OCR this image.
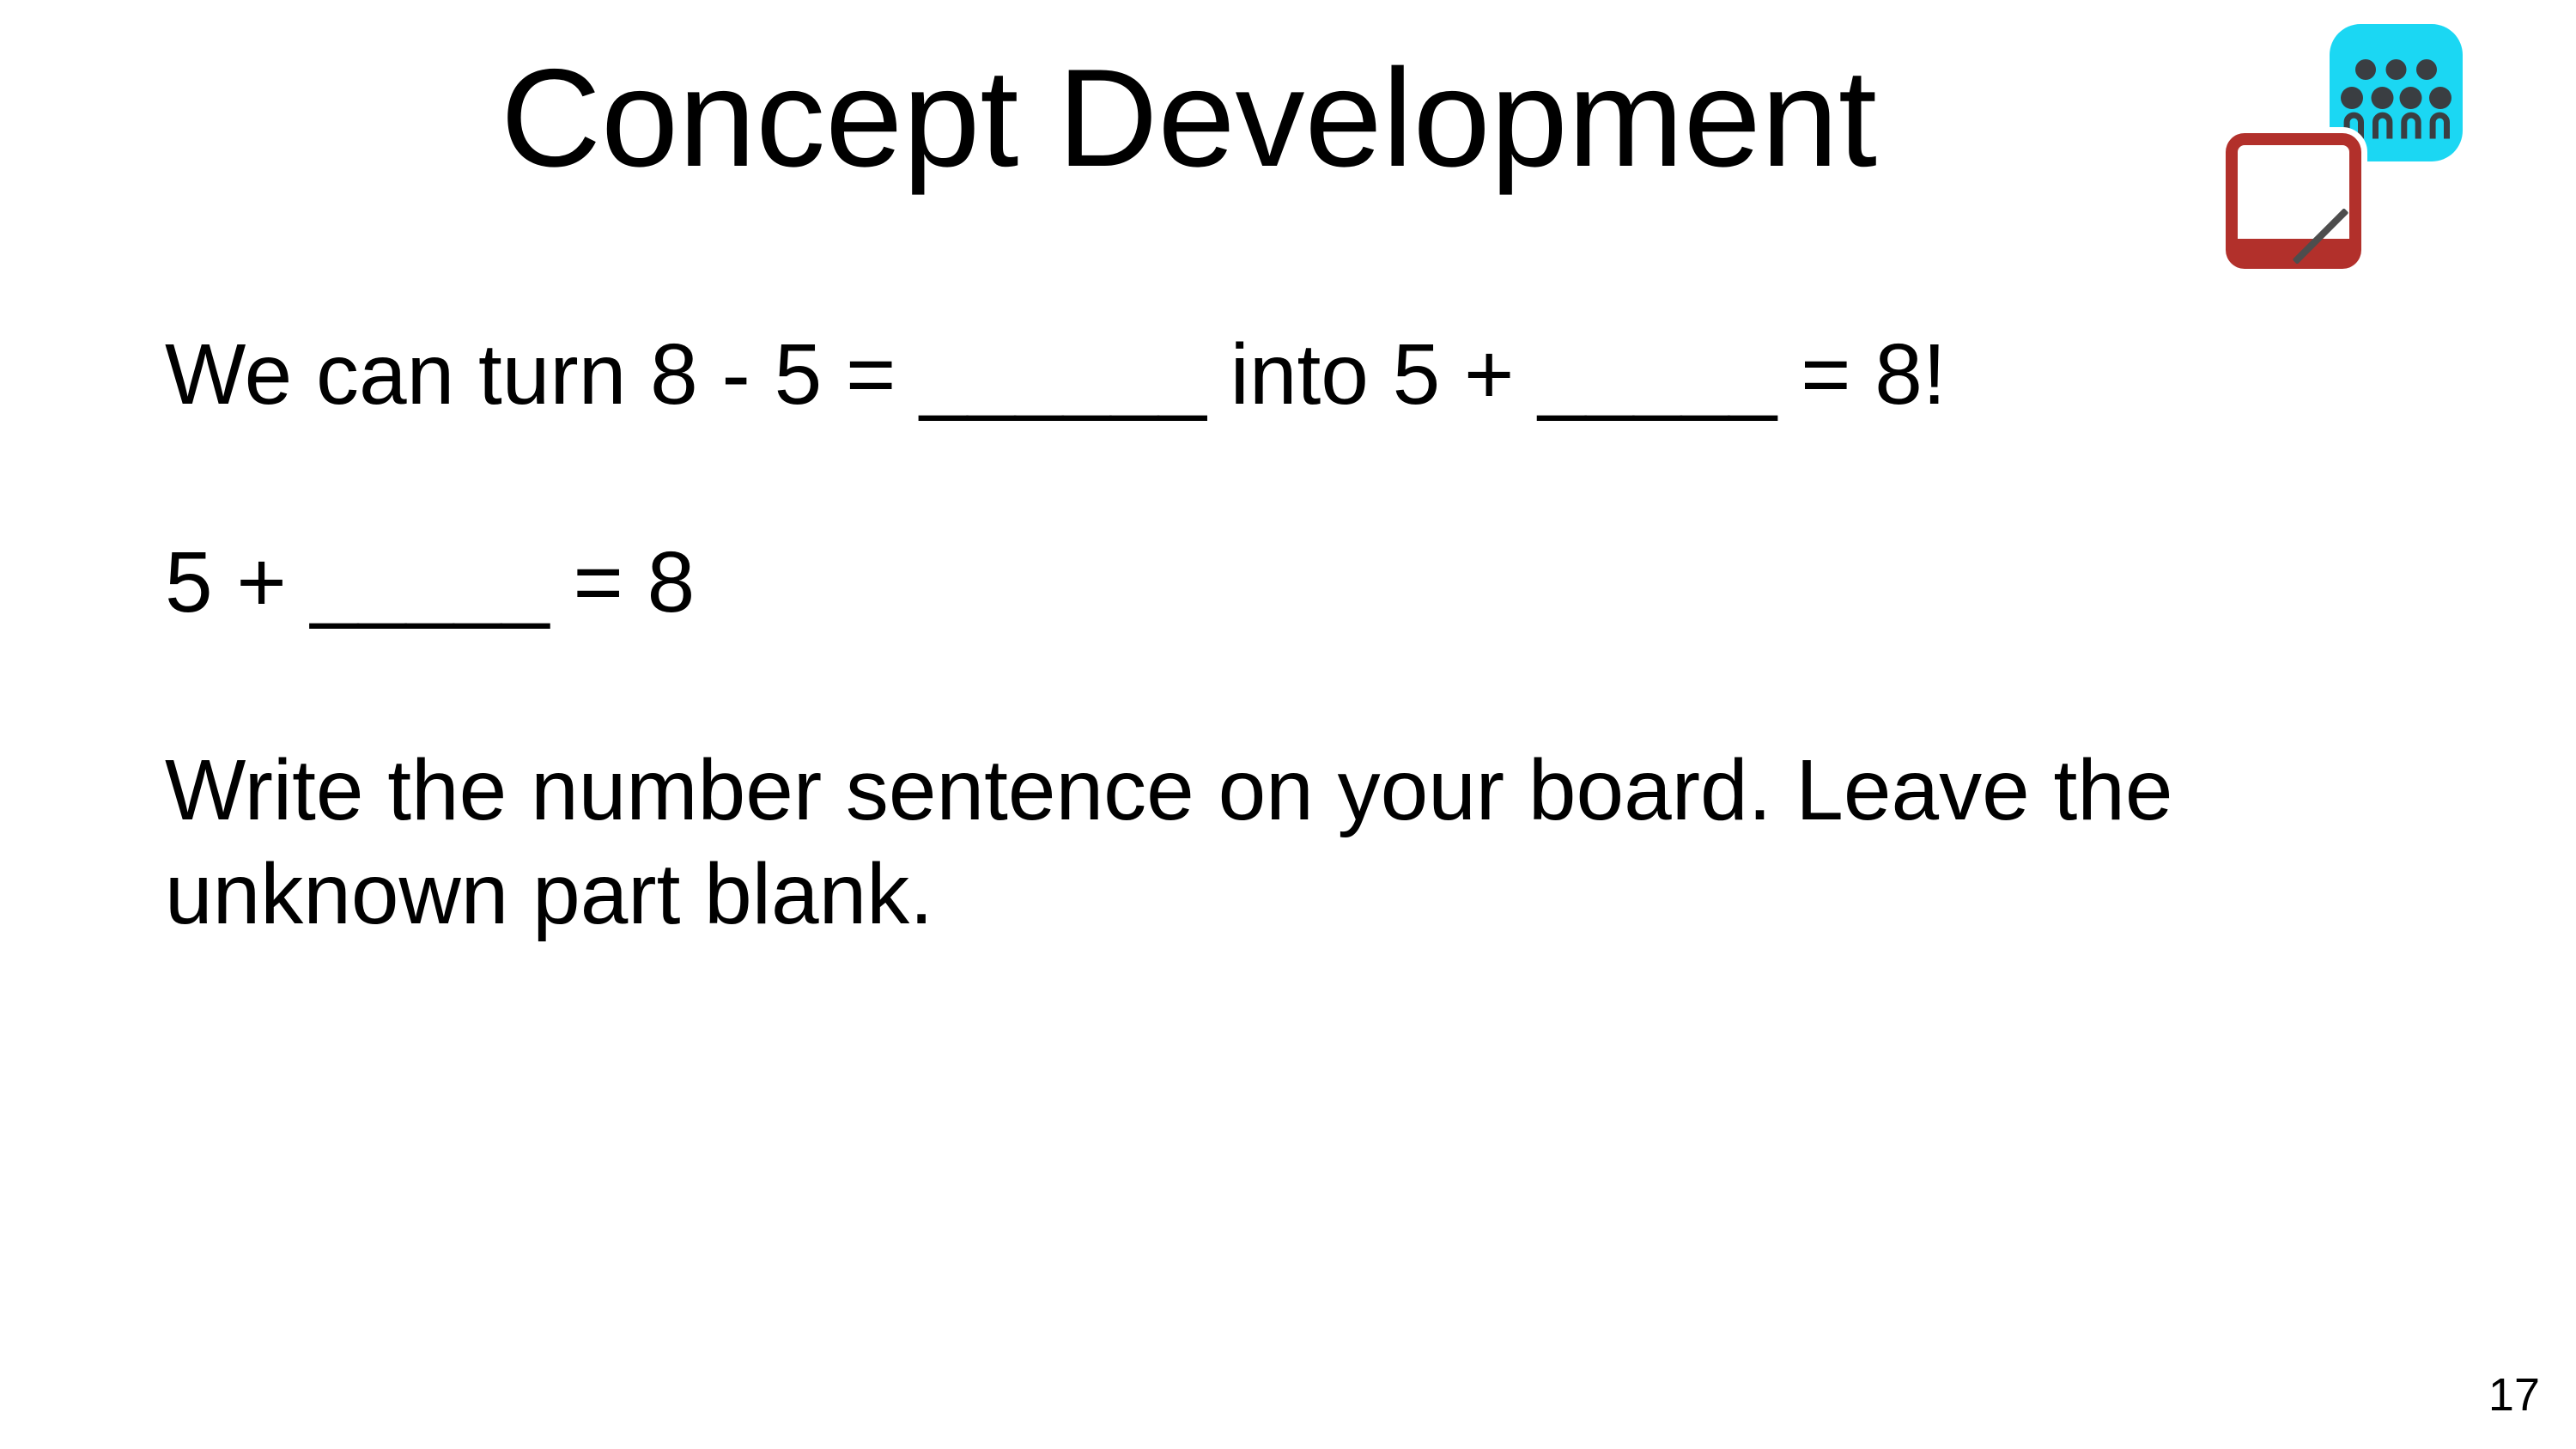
Concept Development
We can turn 8 - 5 = ______ into 5 + _____ = 8!
5 + _____ = 8
Write the number sentence on your board. Leave the
unknown part blank.
17
